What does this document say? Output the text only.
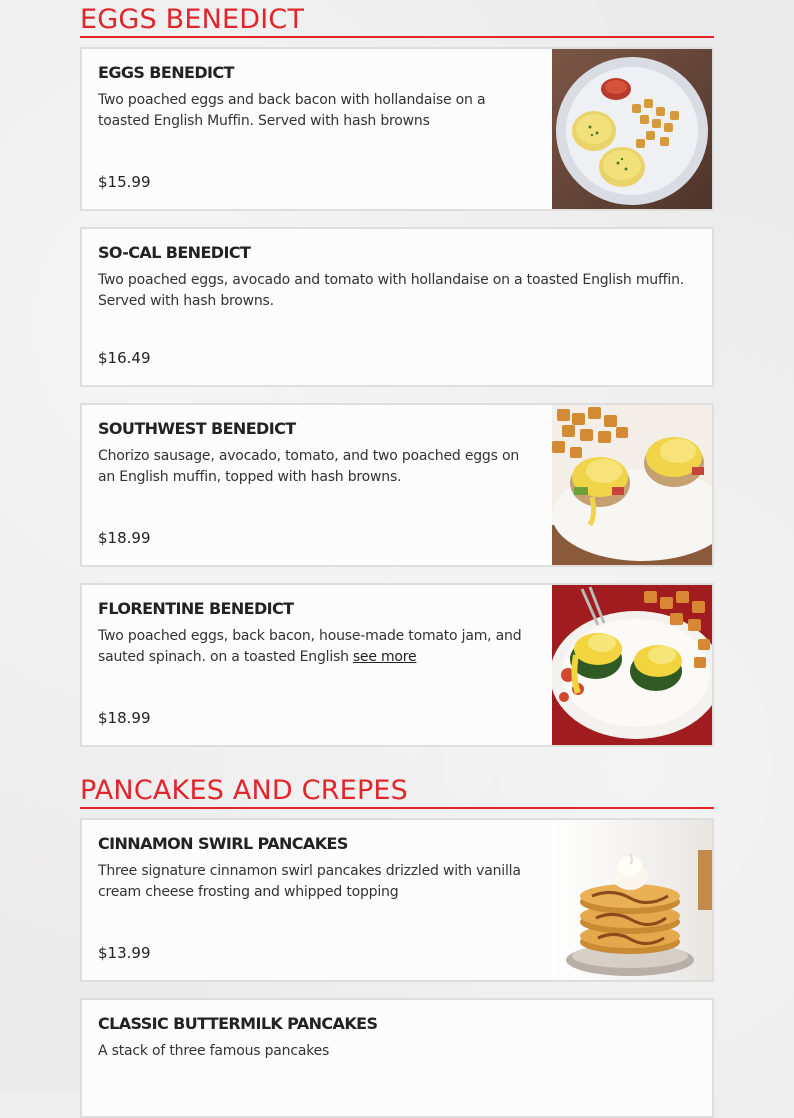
EGGS BENEDICT
EGGS BENEDICT
Two poached eggs and back bacon with hollandaise on a toasted English Muffin. Served with hash browns
$15.99
SO-CAL BENEDICT
Two poached eggs, avocado and tomato with hollandaise on a toasted English muffin. Served with hash browns.
$16.49
SOUTHWEST BENEDICT
Chorizo sausage, avocado, tomato, and two poached eggs on an English muffin, topped with hash browns.
$18.99
FLORENTINE BENEDICT
Two poached eggs, back bacon, house-made tomato jam, and sauted spinach. on a toasted English see more
$18.99
PANCAKES AND CREPES
CINNAMON SWIRL PANCAKES
Three signature cinnamon swirl pancakes drizzled with vanilla cream cheese frosting and whipped topping
$13.99
CLASSIC BUTTERMILK PANCAKES
A stack of three famous pancakes
